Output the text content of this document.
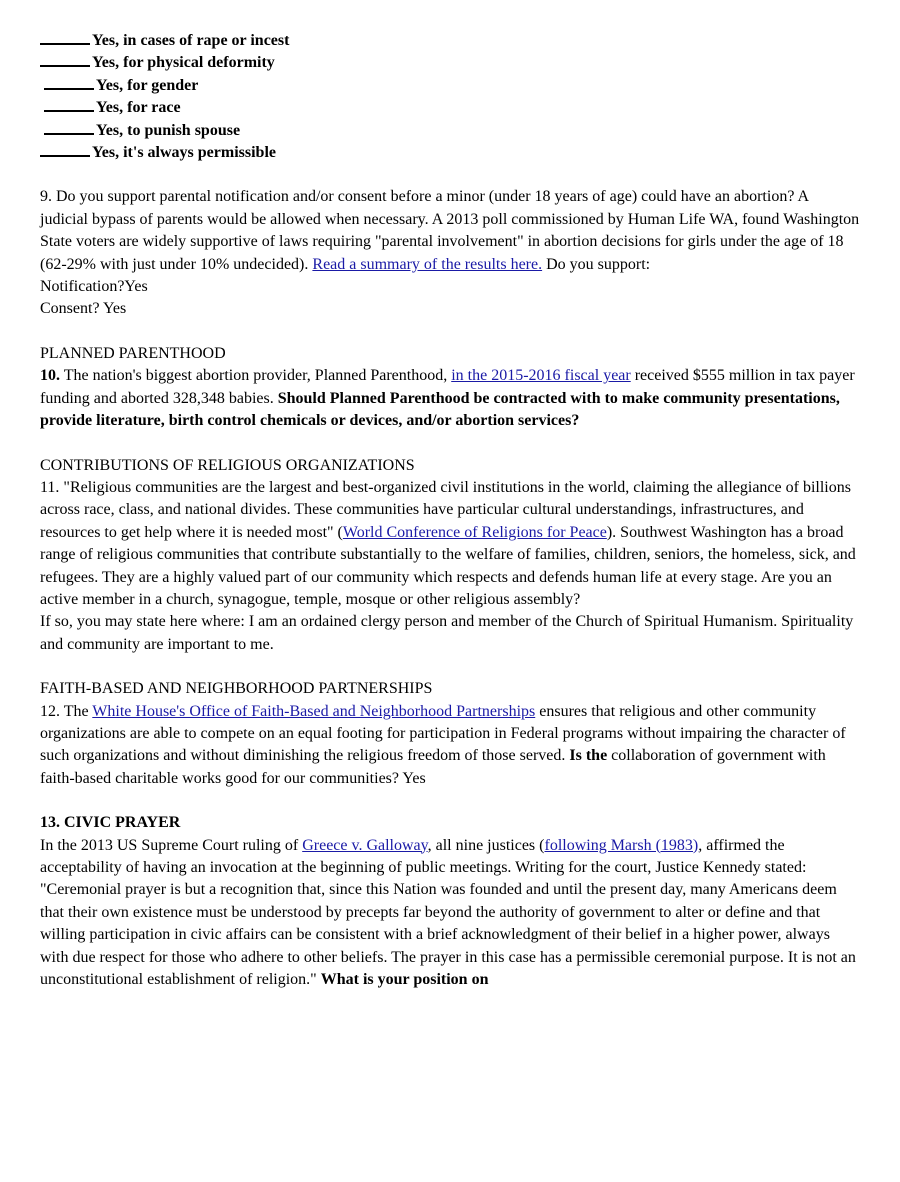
Yes, in cases of rape or incest
Yes, for physical deformity
Yes, for gender
Yes, for race
Yes, to punish spouse
Yes, it's always permissible

9. Do you support parental notification and/or consent before a minor (under 18 years of age) could have an abortion? A judicial bypass of parents would be allowed when necessary. A 2013 poll commissioned by Human Life WA, found Washington State voters are widely supportive of laws requiring "parental involvement" in abortion decisions for girls under the age of 18 (62-29% with just under 10% undecided). Read a summary of the results here. Do you support:

Notification?Yes

Consent? Yes

PLANNED PARENTHOOD

10. The nation's biggest abortion provider, Planned Parenthood, in the 2015-2016 fiscal year received $555 million in tax payer funding and aborted 328,348 babies. Should Planned Parenthood be contracted with to make community presentations, provide literature, birth control chemicals or devices, and/or abortion services?

CONTRIBUTIONS OF RELIGIOUS ORGANIZATIONS

11. "Religious communities are the largest and best-organized civil institutions in the world, claiming the allegiance of billions across race, class, and national divides. These communities have particular cultural understandings, infrastructures, and resources to get help where it is needed most" (World Conference of Religions for Peace). Southwest Washington has a broad range of religious communities that contribute substantially to the welfare of families, children, seniors, the homeless, sick, and refugees. They are a highly valued part of our community which respects and defends human life at every stage. Are you an active member in a church, synagogue, temple, mosque or other religious assembly?

If so, you may state here where: I am an ordained clergy person and member of the Church of Spiritual Humanism. Spirituality and community are important to me.

FAITH-BASED AND NEIGHBORHOOD PARTNERSHIPS

12. The White House's Office of Faith-Based and Neighborhood Partnerships ensures that religious and other community organizations are able to compete on an equal footing for participation in Federal programs without impairing the character of such organizations and without diminishing the religious freedom of those served. Is the collaboration of government with faith-based charitable works good for our communities? Yes

13. CIVIC PRAYER

In the 2013 US Supreme Court ruling of Greece v. Galloway, all nine justices (following Marsh (1983), affirmed the acceptability of having an invocation at the beginning of public meetings. Writing for the court, Justice Kennedy stated: "Ceremonial prayer is but a recognition that, since this Nation was founded and until the present day, many Americans deem that their own existence must be understood by precepts far beyond the authority of government to alter or define and that willing participation in civic affairs can be consistent with a brief acknowledgment of their belief in a higher power, always with due respect for those who adhere to other beliefs. The prayer in this case has a permissible ceremonial purpose. It is not an unconstitutional establishment of religion." What is your position on
